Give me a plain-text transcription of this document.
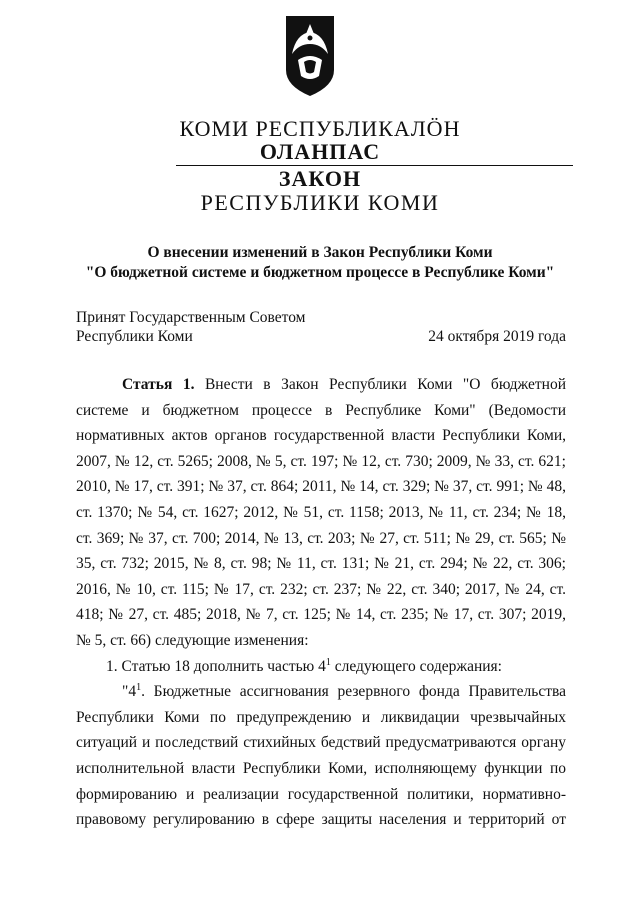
КОМИ РЕСПУБЛИКАЛÖН
ОЛАНПАС
ЗАКОН
РЕСПУБЛИКИ КОМИ
О внесении изменений в Закон Республики Коми
"О бюджетной системе и бюджетном процессе в Республике Коми"
Принят Государственным Советом
Республики Коми	24 октября 2019 года

Статья 1. Внести в Закон Республики Коми "О бюджетной системе и бюджетном процессе в Республике Коми" (Ведомости нормативных актов органов государственной власти Республики Коми, 2007, № 12, ст. 5265; 2008, № 5, ст. 197; № 12, ст. 730; 2009, № 33, ст. 621; 2010, № 17, ст. 391; № 37, ст. 864; 2011, № 14, ст. 329; № 37, ст. 991; № 48, ст. 1370; № 54, ст. 1627; 2012, № 51, ст. 1158; 2013, № 11, ст. 234; № 18, ст. 369; № 37, ст. 700; 2014, № 13, ст. 203; № 27, ст. 511; № 29, ст. 565; № 35, ст. 732; 2015, № 8, ст. 98; № 11, ст. 131; № 21, ст. 294; № 22, ст. 306; 2016, № 10, ст. 115; № 17, ст. 232; ст. 237; № 22, ст. 340; 2017, № 24, ст. 418; № 27, ст. 485; 2018, № 7, ст. 125; № 14, ст. 235; № 17, ст. 307; 2019, № 5, ст. 66) следующие изменения:

1. Статью 18 дополнить частью $4^1$ следующего содержания:

"$4^1$. Бюджетные ассигнования резервного фонда Правительства Республики Коми по предупреждению и ликвидации чрезвычайных ситуаций и последствий стихийных бедствий предусматриваются органу исполнительной власти Республики Коми, исполняющему функции по формированию и реализации государственной политики, нормативно-правовому регулированию в сфере защиты населения и территорий от
